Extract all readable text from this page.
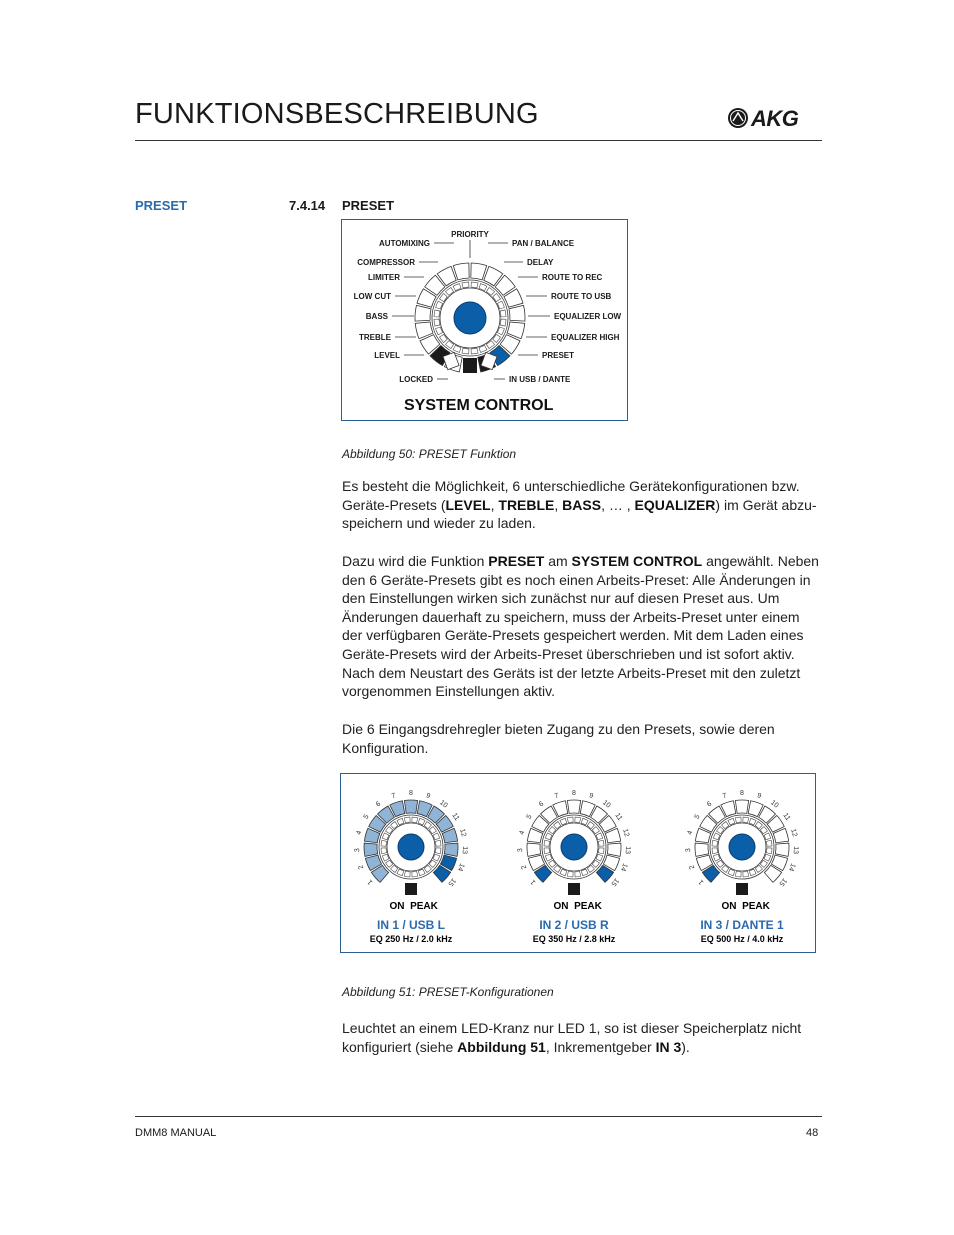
FUNKTIONSBESCHREIBUNG	AKG
PRESET	7.4.14 PRESET
PRIORITY
AUTOMIXING	PAN / BALANCE
COMPRESSOR	DELAY
LIMITER	ROUTE TO REC
LOW CUT	ROUTE TO USB
BASS	EQUALIZER LOW
TREBLE	EQUALIZER HIGH
LEVEL	PRESET
LOCKED	IN USB / DANTE
SYSTEM CONTROL
Abbildung 50: PRESET Funktion
Es besteht die Möglichkeit, 6 unterschiedliche Gerätekonfigurationen bzw. Geräte-Presets (LEVEL, TREBLE, BASS, … , EQUALIZER) im Gerät abzu-speichern und wieder zu laden.
Dazu wird die Funktion PRESET am SYSTEM CONTROL angewählt. Neben den 6 Geräte-Presets gibt es noch einen Arbeits-Preset: Alle Änderungen in den Einstellungen wirken sich zunächst nur auf diesen Preset aus. Um Änderungen dauerhaft zu speichern, muss der Arbeits-Preset unter einem der verfügbaren Geräte-Presets gespeichert werden. Mit dem Laden eines Geräte-Presets wird der Arbeits-Preset überschrieben und ist sofort aktiv. Nach dem Neustart des Geräts ist der letzte Arbeits-Preset mit den zuletzt vorgenommen Einstellungen aktiv.
Die 6 Eingangsdrehregler bieten Zugang zu den Presets, sowie deren Konfiguration.
ON PEAK
IN 1 / USB L
EQ 250 Hz / 2.0 kHz
1
2
3
4
5
6
7 8 9
10
11
12
13
14
15
ON PEAK
IN 2 / USB R
EQ 350 Hz / 2.8 kHz
1
2
3
4
5
6
7 8 9
10
11
12
13
14
15
ON PEAK
IN 3 / DANTE 1
EQ 500 Hz / 4.0 kHz
1
2
3
4
5
6
7 8 9
10
11
12
13
14
15
Abbildung 51: PRESET-Konfigurationen
Leuchtet an einem LED-Kranz nur LED 1, so ist dieser Speicherplatz nicht konfiguriert (siehe Abbildung 51, Inkrementgeber IN 3).
DMM8 MANUAL	48
